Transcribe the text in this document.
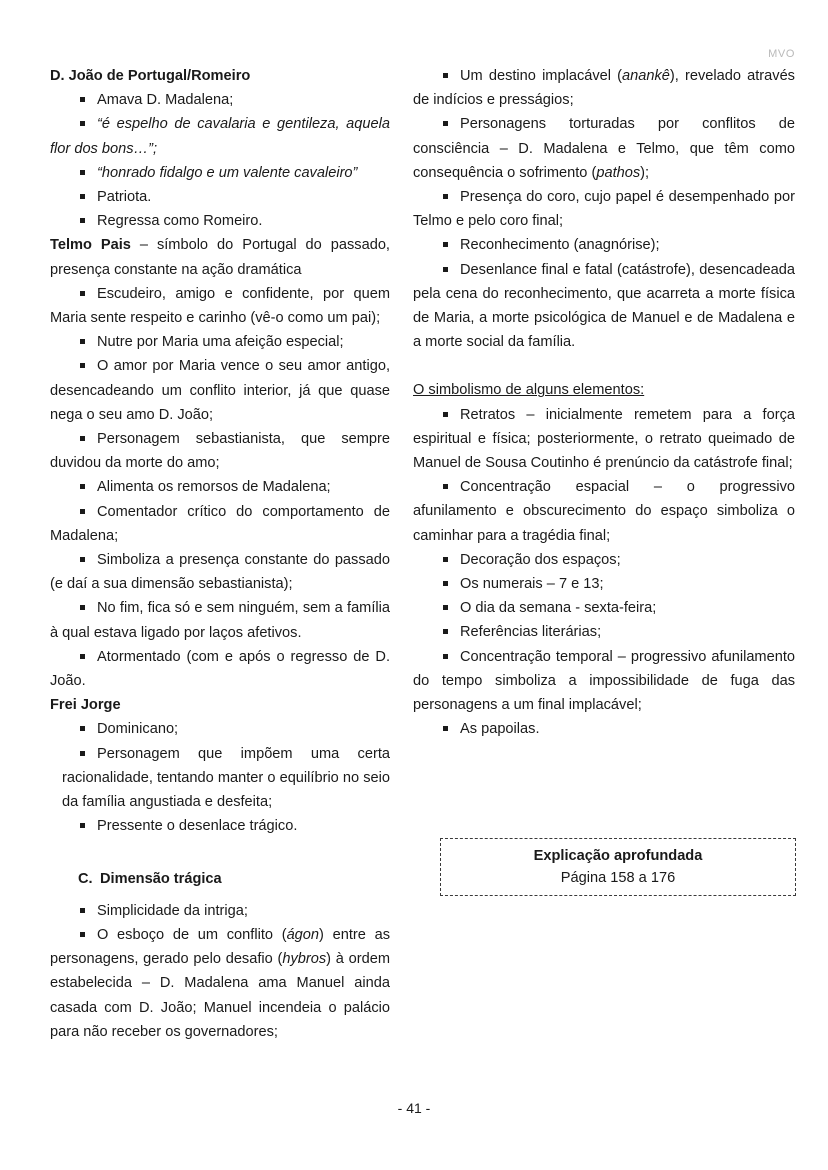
MVO

D. João de Portugal/Romeiro

Amava D. Madalena;

“é espelho de cavalaria e gentileza, aquela flor dos bons…”;

“honrado fidalgo e um valente cavaleiro”

Patriota.

Regressa como Romeiro.

Telmo Pais – símbolo do Portugal do passado, presença constante na ação dramática

Escudeiro, amigo e confidente, por quem Maria sente respeito e carinho (vê-o como um pai);

Nutre por Maria uma afeição especial;

O amor por Maria vence o seu amor antigo, desencadeando um conflito interior, já que quase nega o seu amo D. João;

Personagem sebastianista, que sempre duvidou da morte do amo;

Alimenta os remorsos de Madalena;

Comentador crítico do comportamento de Madalena;

Simboliza a presença constante do passado (e daí a sua dimensão sebastianista);

No fim, fica só e sem ninguém, sem a família à qual estava ligado por laços afetivos.

Atormentado (com e após o regresso de D. João.

Frei Jorge

Dominicano;

Personagem que impõem uma certa racionalidade, tentando manter o equilíbrio no seio da família angustiada e desfeita;

Pressente o desenlace trágico.

C. Dimensão trágica

Simplicidade da intriga;

O esboço de um conflito (ágon) entre as personagens, gerado pelo desafio (hybros) à ordem estabelecida – D. Madalena ama Manuel ainda casada com D. João; Manuel incendeia o palácio para não receber os governadores;

Um destino implacável (anankê), revelado através de indícios e presságios;

Personagens torturadas por conflitos de consciência – D. Madalena e Telmo, que têm como consequência o sofrimento (pathos);

Presença do coro, cujo papel é desempenhado por Telmo e pelo coro final;

Reconhecimento (anagnórise);

Desenlance final e fatal (catástrofe), desencadeada pela cena do reconhecimento, que acarreta a morte física de Maria, a morte psicológica de Manuel e de Madalena e a morte social da família.

O simbolismo de alguns elementos:

Retratos – inicialmente remetem para a força espiritual e física; posteriormente, o retrato queimado de Manuel de Sousa Coutinho é prenúncio da catástrofe final;

Concentração espacial – o progressivo afunilamento e obscurecimento do espaço simboliza o caminhar para a tragédia final;

Decoração dos espaços;

Os numerais – 7 e 13;

O dia da semana - sexta-feira;

Referências literárias;

Concentração temporal – progressivo afunilamento do tempo simboliza a impossibilidade de fuga das personagens a um final implacável;

As papoilas.

Explicação aprofundada
Página 158 a 176
- 41 -
